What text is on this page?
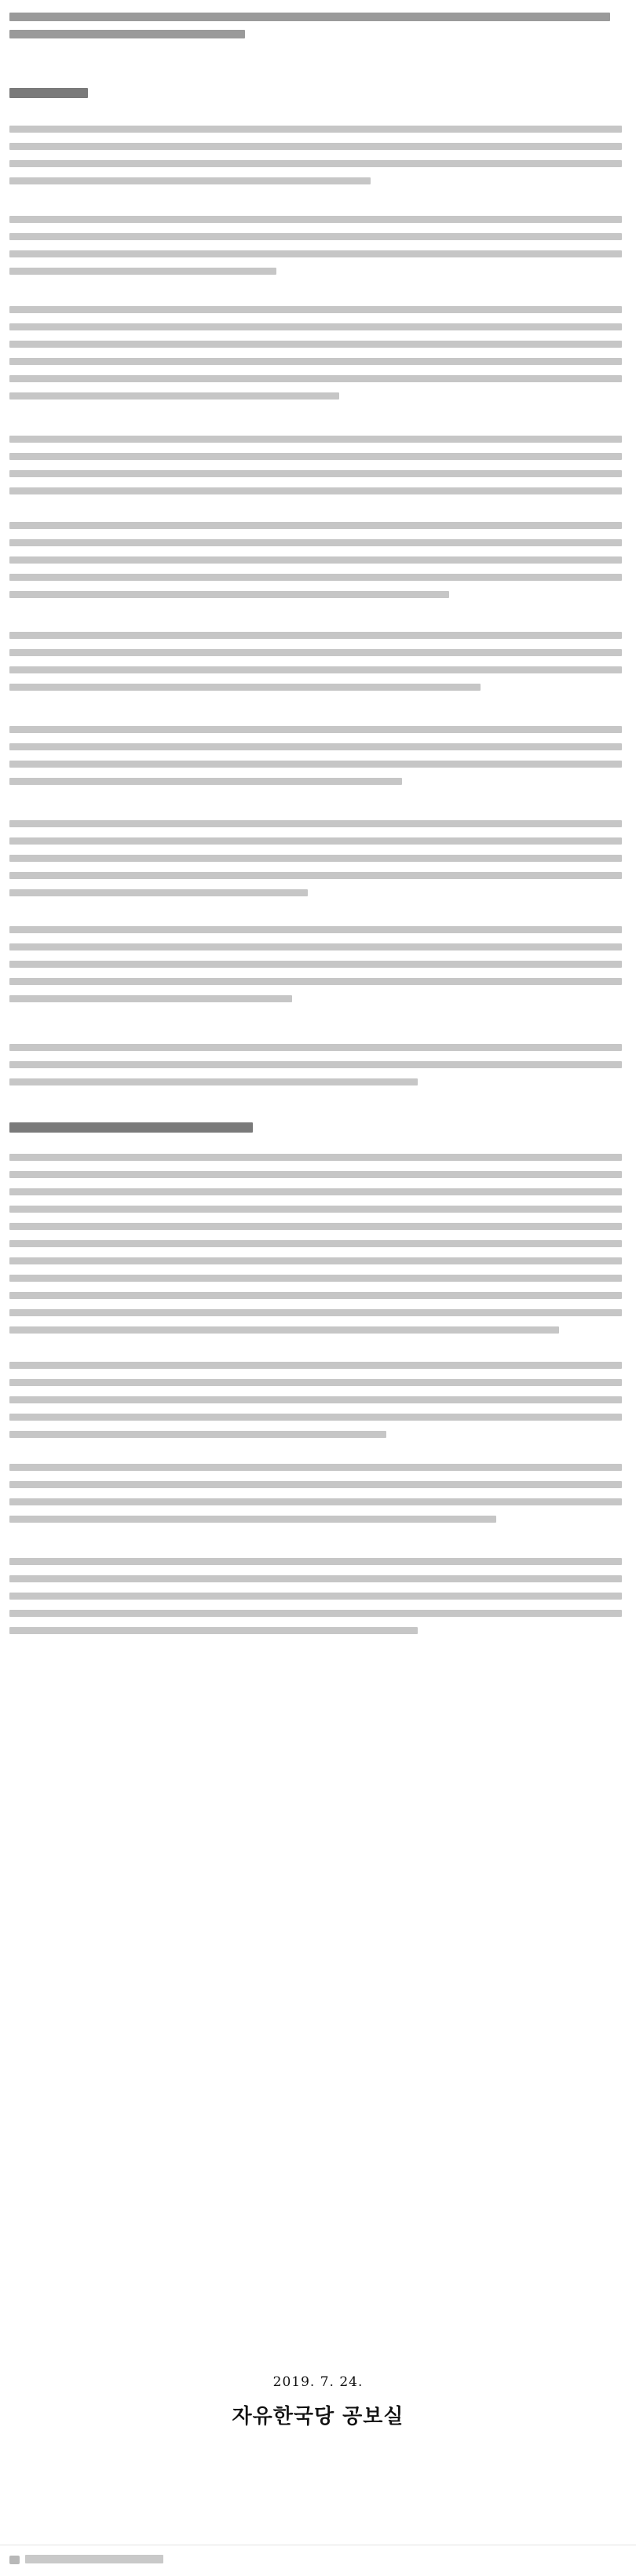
2019. 7. 24.
자유한국당 공보실
